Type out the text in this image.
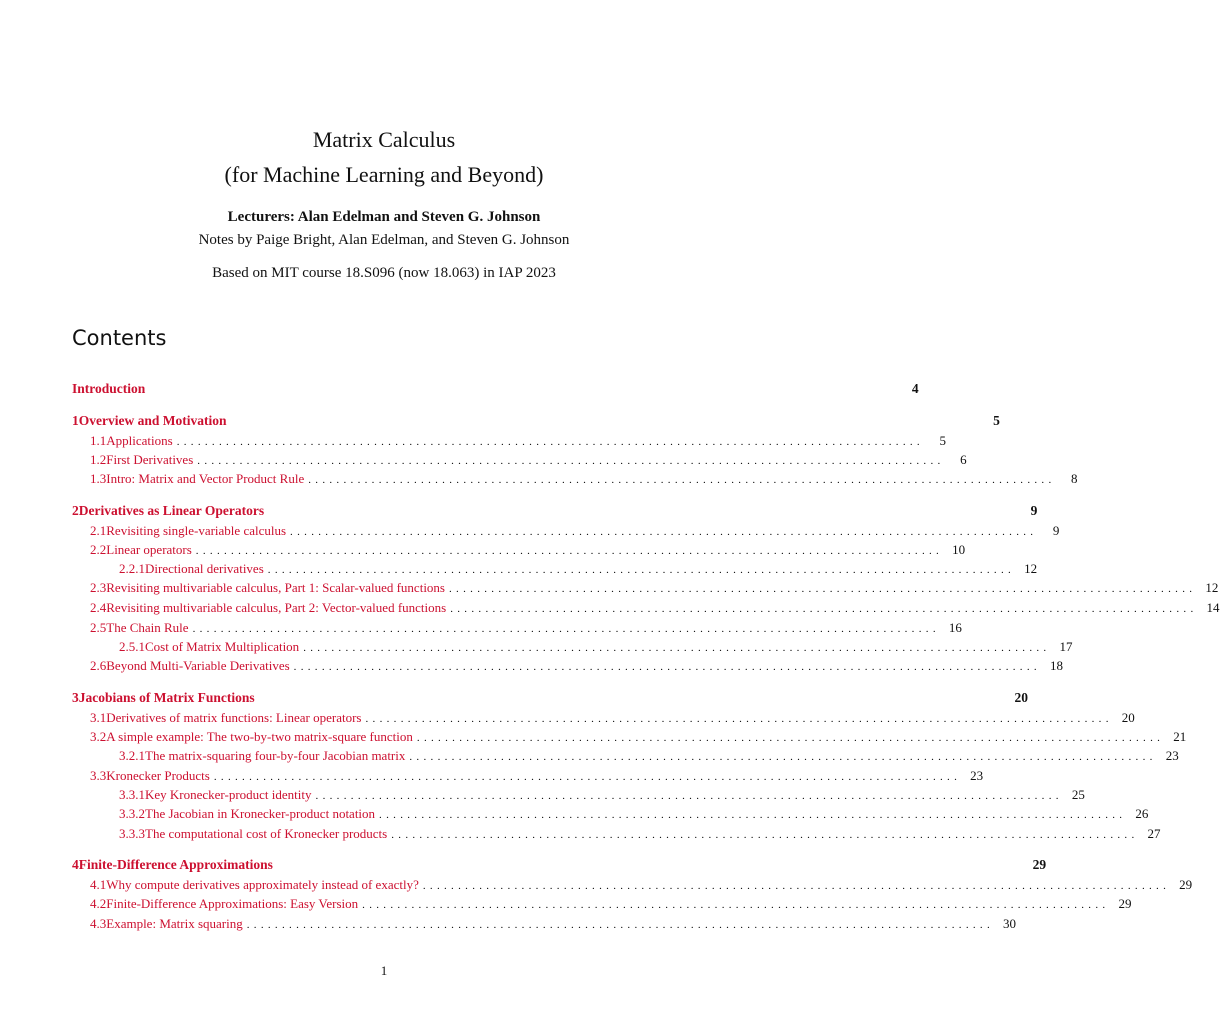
Matrix Calculus
(for Machine Learning and Beyond)
Lecturers: Alan Edelman and Steven G. Johnson
Notes by Paige Bright, Alan Edelman, and Steven G. Johnson
Based on MIT course 18.S096 (now 18.063) in IAP 2023
Contents
Introduction	4
1 Overview and Motivation	5
1.1 Applications ..........................................................................................................	5
1.2 First Derivatives ..........................................................................................................	6
1.3 Intro: Matrix and Vector Product Rule ..........................................................................................................	8
2 Derivatives as Linear Operators	9
2.1 Revisiting single-variable calculus ..........................................................................................................	9
2.2 Linear operators .......................................................................................................... 10
2.2.1 Directional derivatives .......................................................................................................... 12
2.3 Revisiting multivariable calculus, Part 1: Scalar-valued functions .......................................................................................................... 12
2.4 Revisiting multivariable calculus, Part 2: Vector-valued functions .......................................................................................................... 14
2.5 The Chain Rule .......................................................................................................... 16
2.5.1 Cost of Matrix Multiplication .......................................................................................................... 17
2.6 Beyond Multi-Variable Derivatives .......................................................................................................... 18
3 Jacobians of Matrix Functions	20
3.1 Derivatives of matrix functions: Linear operators .......................................................................................................... 20
3.2 A simple example: The two-by-two matrix-square function .......................................................................................................... 21
3.2.1 The matrix-squaring four-by-four Jacobian matrix .......................................................................................................... 23
3.3 Kronecker Products .......................................................................................................... 23
3.3.1 Key Kronecker-product identity .......................................................................................................... 25
3.3.2 The Jacobian in Kronecker-product notation .......................................................................................................... 26
3.3.3 The computational cost of Kronecker products .......................................................................................................... 27
4 Finite-Difference Approximations	29
4.1 Why compute derivatives approximately instead of exactly? .......................................................................................................... 29
4.2 Finite-Difference Approximations: Easy Version .......................................................................................................... 29
4.3 Example: Matrix squaring .......................................................................................................... 30
1
